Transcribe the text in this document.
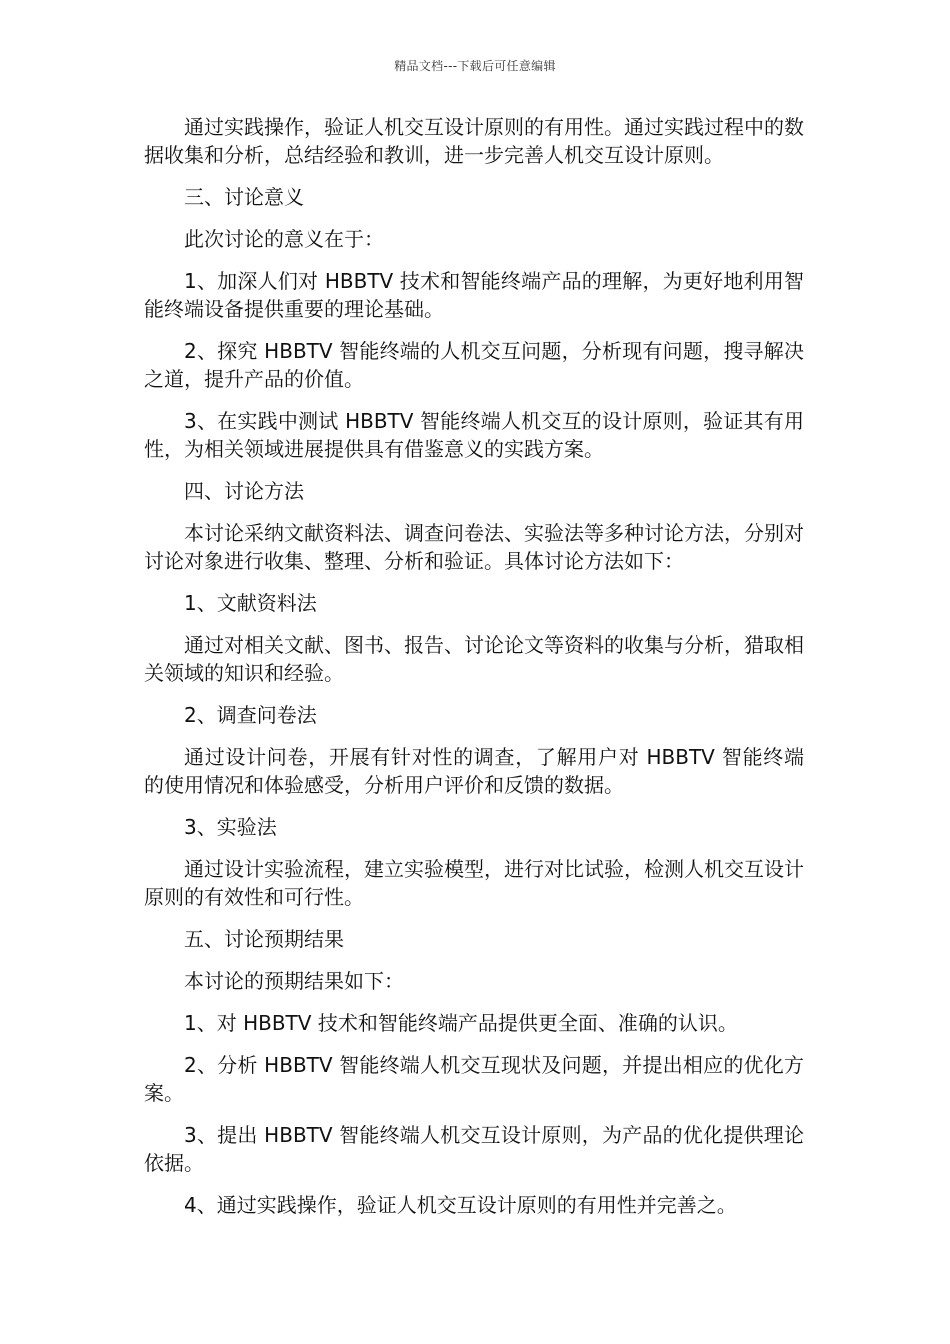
精品文档---下载后可任意编辑

通过实践操作，验证人机交互设计原则的有用性。通过实践过程中的数据收集和分析，总结经验和教训，进一步完善人机交互设计原则。

三、讨论意义

此次讨论的意义在于：

1、加深人们对 HBBTV 技术和智能终端产品的理解，为更好地利用智能终端设备提供重要的理论基础。

2、探究 HBBTV 智能终端的人机交互问题，分析现有问题，搜寻解决之道，提升产品的价值。

3、在实践中测试 HBBTV 智能终端人机交互的设计原则，验证其有用性，为相关领域进展提供具有借鉴意义的实践方案。

四、讨论方法

本讨论采纳文献资料法、调查问卷法、实验法等多种讨论方法，分别对讨论对象进行收集、整理、分析和验证。具体讨论方法如下：

1、文献资料法

通过对相关文献、图书、报告、讨论论文等资料的收集与分析，猎取相关领域的知识和经验。

2、调查问卷法

通过设计问卷，开展有针对性的调查，了解用户对 HBBTV 智能终端的使用情况和体验感受，分析用户评价和反馈的数据。

3、实验法

通过设计实验流程，建立实验模型，进行对比试验，检测人机交互设计原则的有效性和可行性。

五、讨论预期结果

本讨论的预期结果如下：

1、对 HBBTV 技术和智能终端产品提供更全面、准确的认识。

2、分析 HBBTV 智能终端人机交互现状及问题，并提出相应的优化方案。

3、提出 HBBTV 智能终端人机交互设计原则，为产品的优化提供理论依据。

4、通过实践操作，验证人机交互设计原则的有用性并完善之。
